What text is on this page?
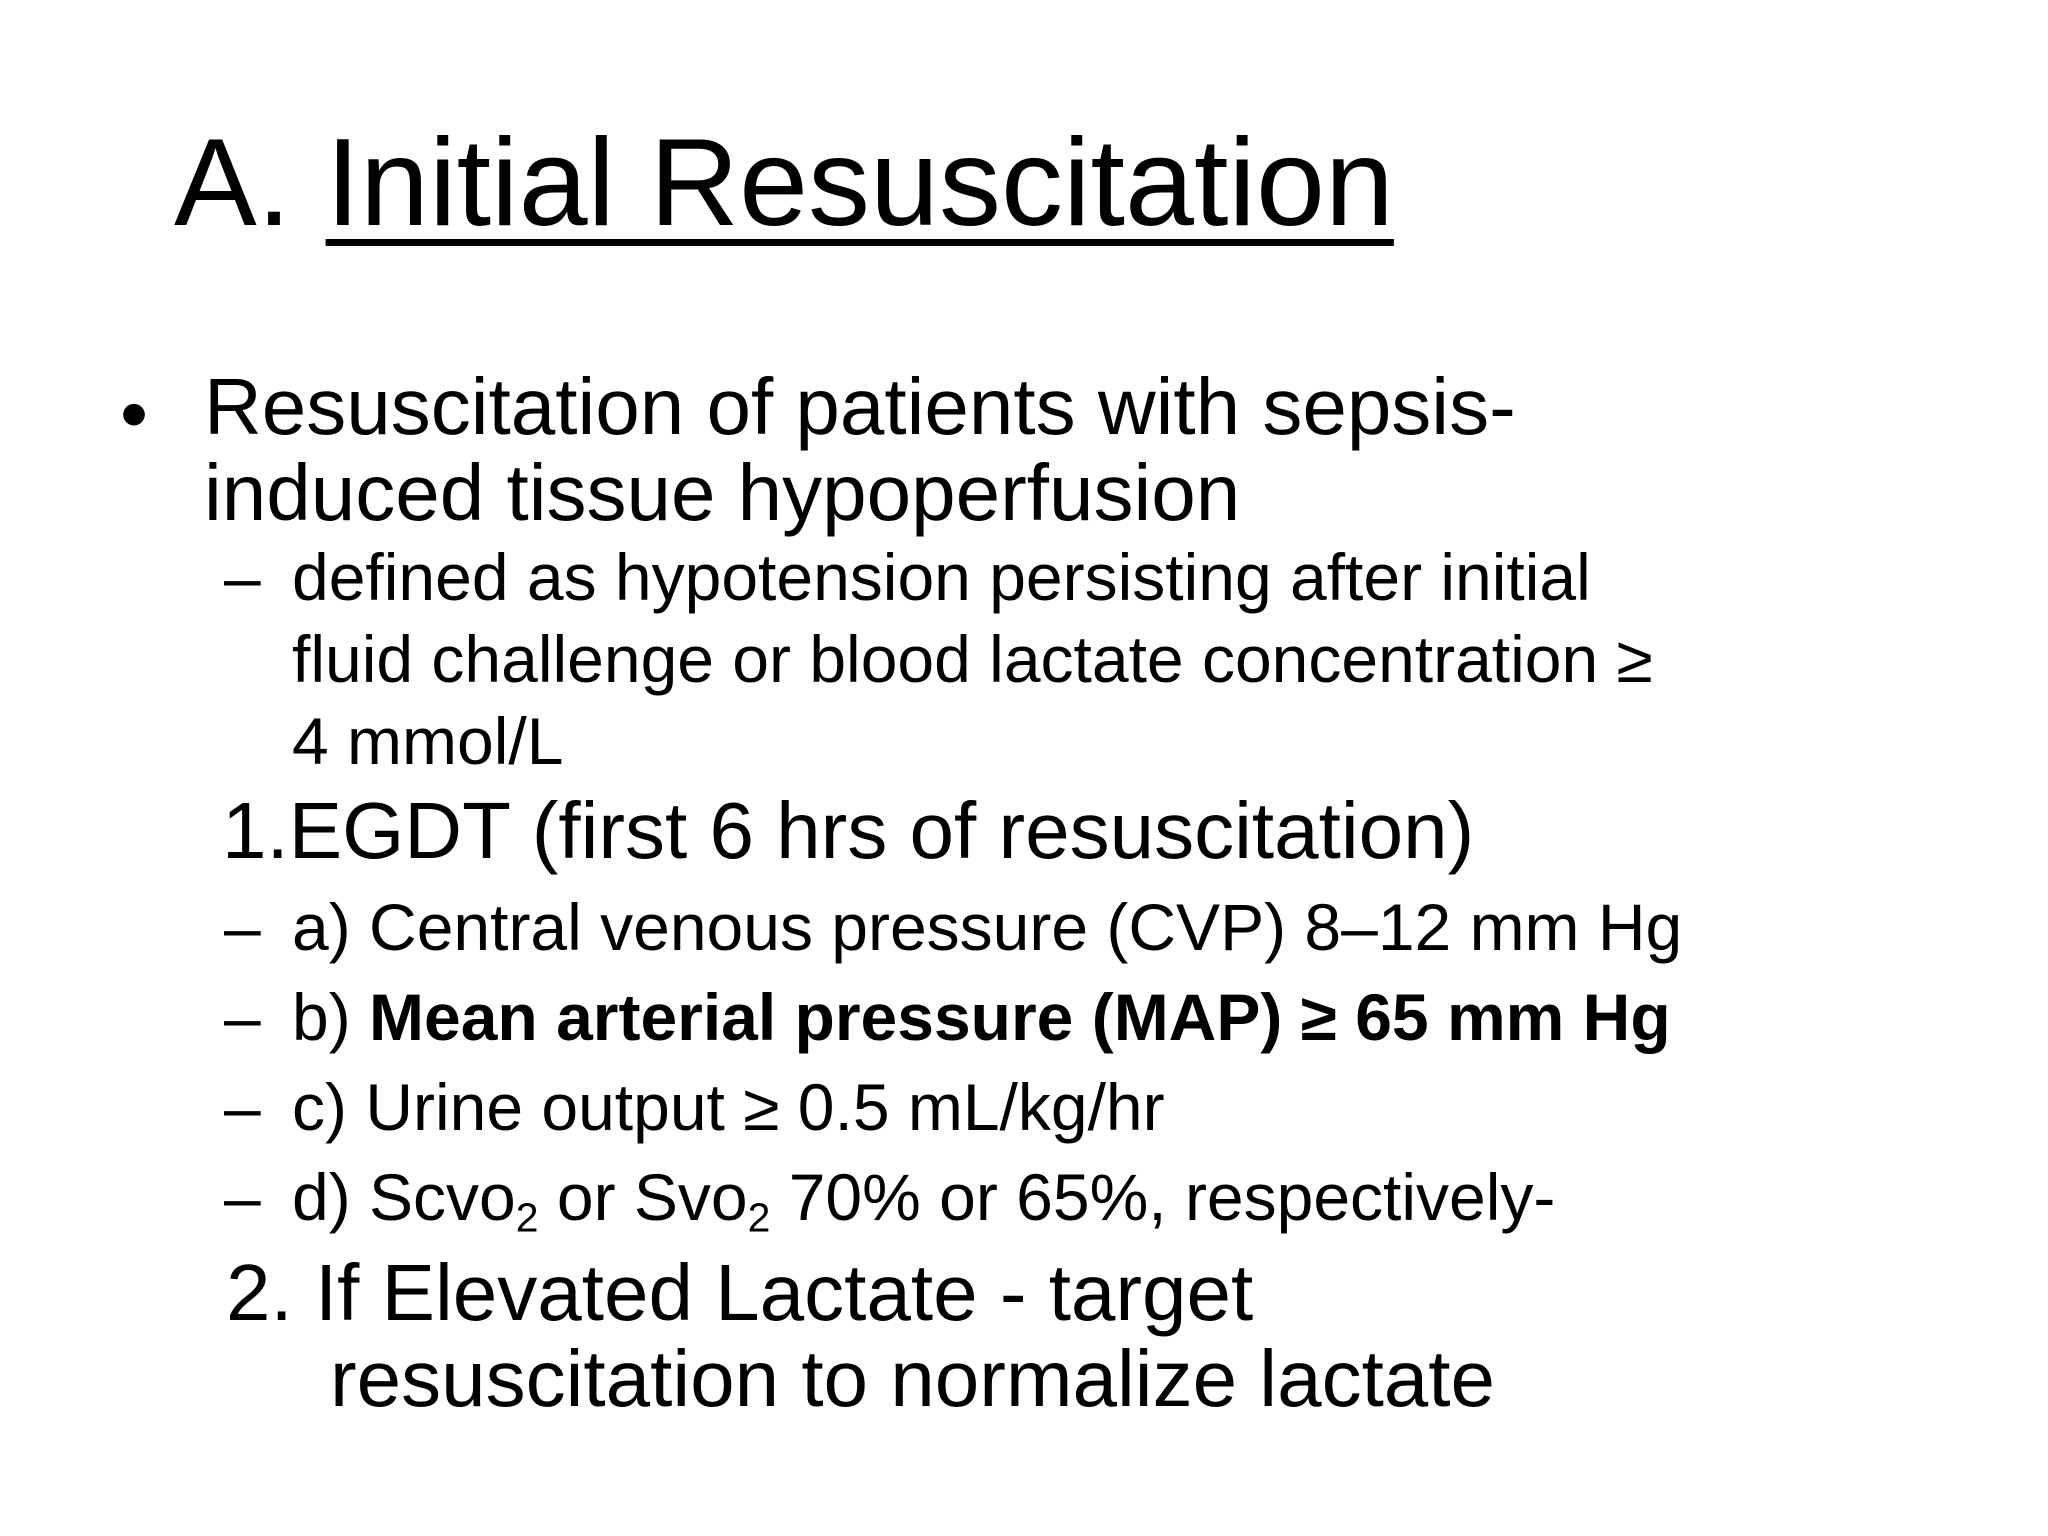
A. Initial Resuscitation
• Resuscitation of patients with sepsis-
induced tissue hypoperfusion
– defined as hypotension persisting after initial
fluid challenge or blood lactate concentration ≥
4 mmol/L
1.EGDT (first 6 hrs of resuscitation)
– a) Central venous pressure (CVP) 8–12 mm Hg
– b) Mean arterial pressure (MAP) ≥ 65 mm Hg
– c) Urine output ≥ 0.5 mL/kg/hr
– d) Scvo$_2$ or Svo$_2$ 70% or 65%, respectively-
2. If Elevated Lactate - target
resuscitation to normalize lactate
